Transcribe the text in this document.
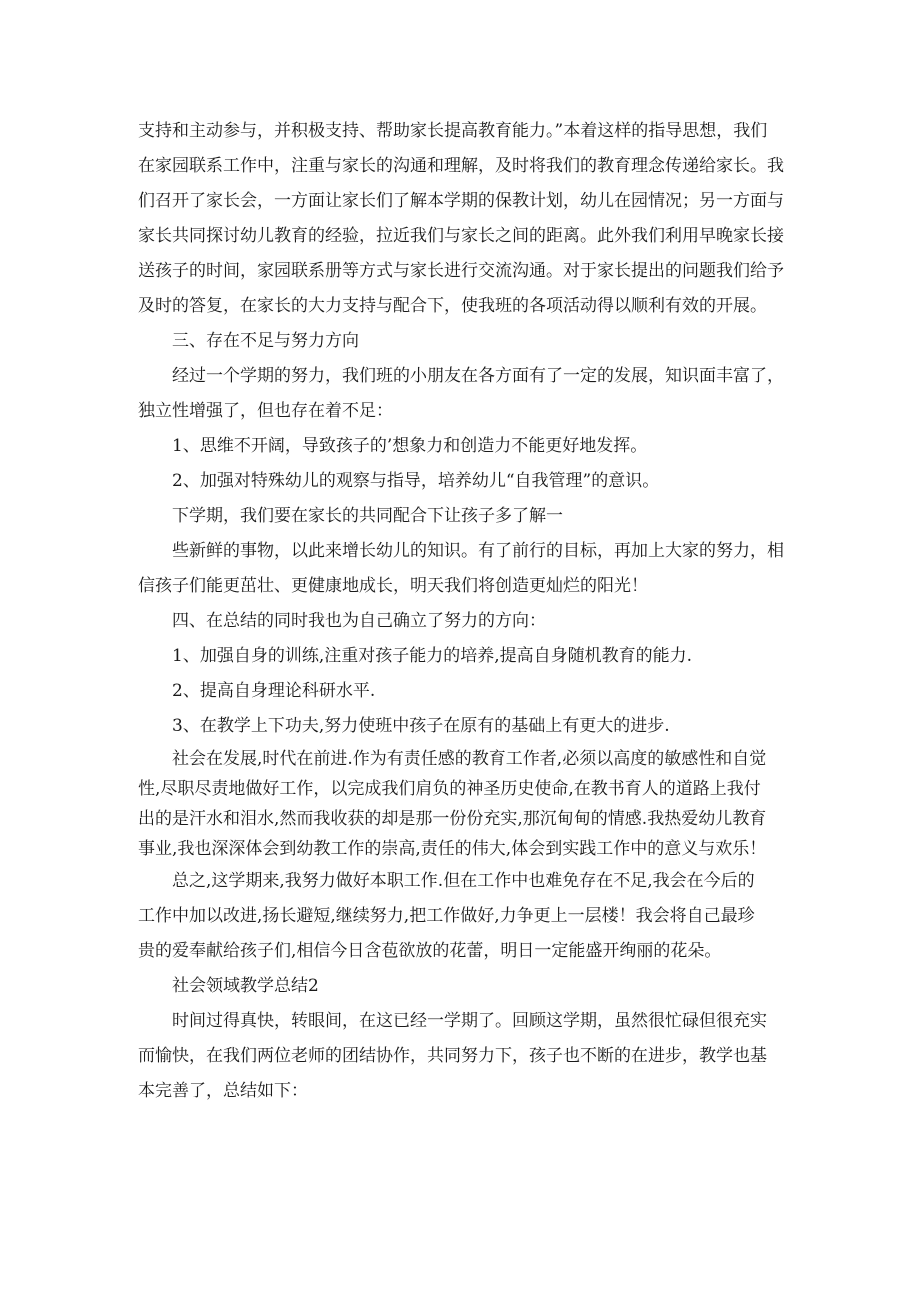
支持和主动参与，并积极支持、帮助家长提高教育能力。”本着这样的指导思想，我们

在家园联系工作中，注重与家长的沟通和理解，及时将我们的教育理念传递给家长。我

们召开了家长会，一方面让家长们了解本学期的保教计划，幼儿在园情况；另一方面与

家长共同探讨幼儿教育的经验，拉近我们与家长之间的距离。此外我们利用早晚家长接

送孩子的时间，家园联系册等方式与家长进行交流沟通。对于家长提出的问题我们给予

及时的答复，在家长的大力支持与配合下，使我班的各项活动得以顺利有效的开展。

三、存在不足与努力方向

经过一个学期的努力，我们班的小朋友在各方面有了一定的发展，知识面丰富了，

独立性增强了，但也存在着不足：

1、思维不开阔，导致孩子的’想象力和创造力不能更好地发挥。

2、加强对特殊幼儿的观察与指导，培养幼儿“自我管理”的意识。

下学期，我们要在家长的共同配合下让孩子多了解一

些新鲜的事物，以此来增长幼儿的知识。有了前行的目标，再加上大家的努力，相

信孩子们能更茁壮、更健康地成长，明天我们将创造更灿烂的阳光！

四、在总结的同时我也为自己确立了努力的方向：

1、加强自身的训练,注重对孩子能力的培养,提高自身随机教育的能力.

2、提高自身理论科研水平.

3、在教学上下功夫,努力使班中孩子在原有的基础上有更大的进步.

社会在发展,时代在前进.作为有责任感的教育工作者,必须以高度的敏感性和自觉

性,尽职尽责地做好工作，以完成我们肩负的神圣历史使命,在教书育人的道路上我付

出的是汗水和泪水,然而我收获的却是那一份份充实,那沉甸甸的情感.我热爱幼儿教育

事业,我也深深体会到幼教工作的崇高,责任的伟大,体会到实践工作中的意义与欢乐！

总之,这学期来,我努力做好本职工作.但在工作中也难免存在不足,我会在今后的

工作中加以改进,扬长避短,继续努力,把工作做好,力争更上一层楼！我会将自己最珍

贵的爱奉献给孩子们,相信今日含苞欲放的花蕾，明日一定能盛开绚丽的花朵。

社会领域教学总结2

时间过得真快，转眼间，在这已经一学期了。回顾这学期，虽然很忙碌但很充实

而愉快，在我们两位老师的团结协作，共同努力下，孩子也不断的在进步，教学也基

本完善了，总结如下：
